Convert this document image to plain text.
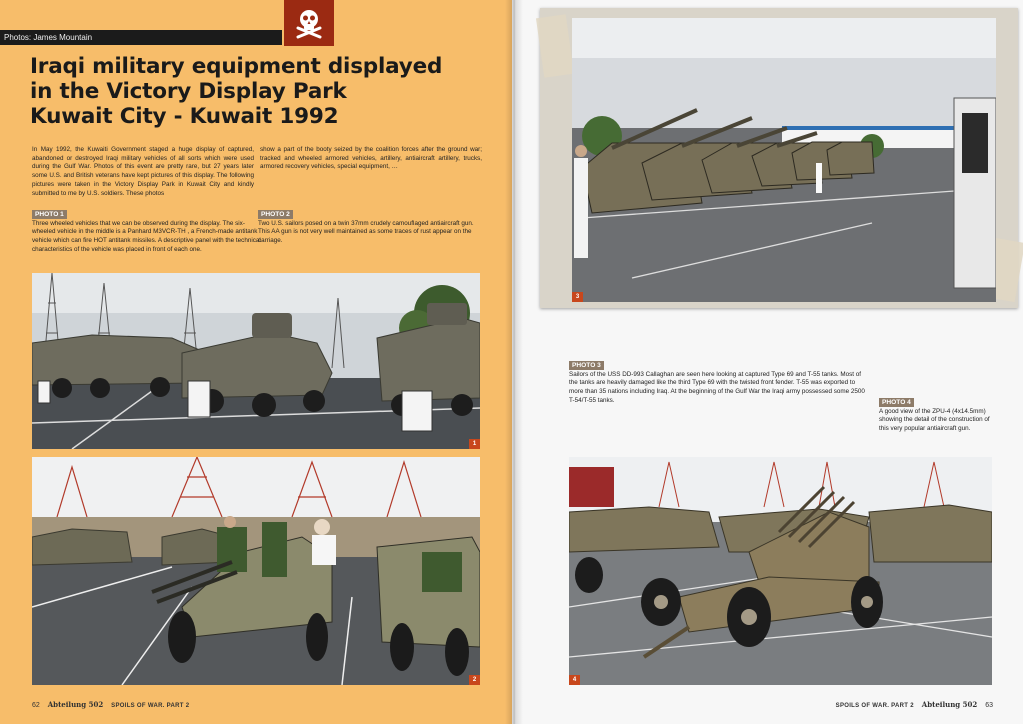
Photos: James Mountain
Iraqi military equipment displayed
in the Victory Display Park
Kuwait City - Kuwait 1992
In May 1992, the Kuwaiti Government staged a huge display of captured, abandoned or destroyed Iraqi military vehicles of all sorts which were used during the Gulf War. Photos of this event are pretty rare, but 27 years later some U.S. and British veterans have kept pictures of this display. The following pictures were taken in the Victory Display Park in Kuwait City and kindly submitted to me by U.S. soldiers. These photos
show a part of the booty seized by the coalition forces after the ground war; tracked and wheeled armored vehicles, artillery, antiaircraft artillery, trucks, armored recovery vehicles, special equipment, …
PHOTO 1
Three wheeled vehicles that we can be observed during the display. The six-wheeled vehicle in the middle is a Panhard M3VCR-TH , a French-made antitank vehicle which can fire HOT antitank missiles. A descriptive panel with the technical characteristics of the vehicle was placed in front of each one.
PHOTO 2
Two U.S. sailors posed on a twin 37mm crudely camouflaged antiaircraft gun. This AA gun is not very well maintained as some traces of rust appear on the carriage.
1
2
62 Abteilung 502 SPOILS OF WAR. PART 2
3
PHOTO 3
Sailors of the USS DD-993 Callaghan are seen here looking at captured Type 69 and T-55 tanks. Most of the tanks are heavily damaged like the third Type 69 with the twisted front fender. T-55 was exported to more than 35 nations including Iraq. At the beginning of the Gulf War the Iraqi army possessed some 2500 T-54/T-55 tanks.	PHOTO 4
A good view of the ZPU-4 (4x14.5mm) showing the detail of the construction of this very popular antiaircraft gun.
4
SPOILS OF WAR. PART 2 Abteilung 502 63
